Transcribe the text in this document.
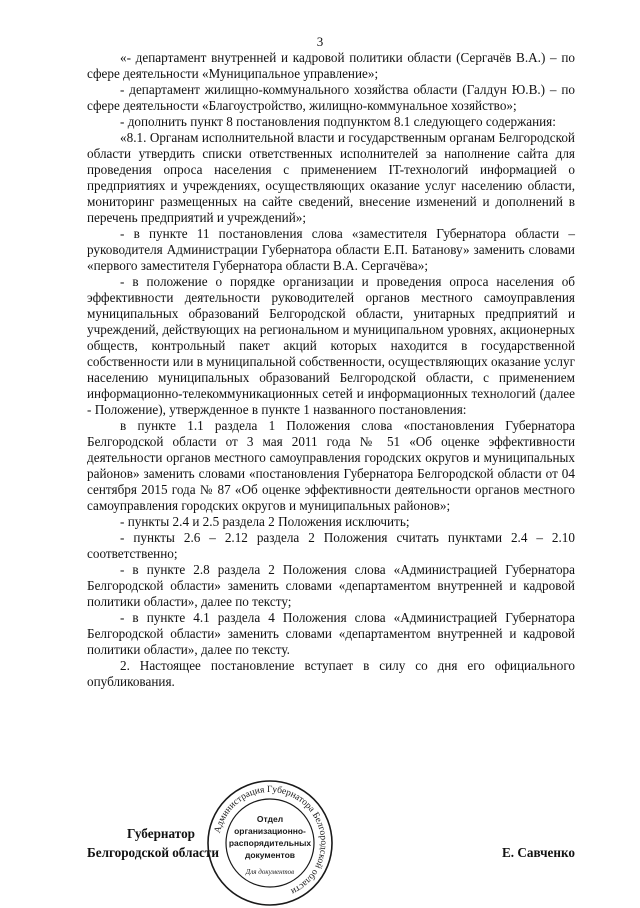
3

«- департамент внутренней и кадровой политики области (Сергачёв В.А.) – по сфере деятельности «Муниципальное управление»;

- департамент жилищно-коммунального хозяйства области (Галдун Ю.В.) – по сфере деятельности «Благоустройство, жилищно-коммунальное хозяйство»;

- дополнить пункт 8 постановления подпунктом 8.1 следующего содержания:

«8.1. Органам исполнительной власти и государственным органам Белгородской области утвердить списки ответственных исполнителей за наполнение сайта для проведения опроса населения с применением IT-технологий информацией о предприятиях и учреждениях, осуществляющих оказание услуг населению области, мониторинг размещенных на сайте сведений, внесение изменений и дополнений в перечень предприятий и учреждений»;

- в пункте 11 постановления слова «заместителя Губернатора области – руководителя Администрации Губернатора области Е.П. Батанову» заменить словами «первого заместителя Губернатора области В.А. Сергачёва»;

- в положение о порядке организации и проведения опроса населения об эффективности деятельности руководителей органов местного самоуправления муниципальных образований Белгородской области, унитарных предприятий и учреждений, действующих на региональном и муниципальном уровнях, акционерных обществ, контрольный пакет акций которых находится в государственной собственности или в муниципальной собственности, осуществляющих оказание услуг населению муниципальных образований Белгородской области, с применением информационно-телекоммуникационных сетей и информационных технологий (далее - Положение), утвержденное в пункте 1 названного постановления:

в пункте 1.1 раздела 1 Положения слова «постановления Губернатора Белгородской области от 3 мая 2011 года № 51 «Об оценке эффективности деятельности органов местного самоуправления городских округов и муниципальных районов» заменить словами «постановления Губернатора Белгородской области от 04 сентября 2015 года № 87 «Об оценке эффективности деятельности органов местного самоуправления городских округов и муниципальных районов»;

- пункты 2.4 и 2.5 раздела 2 Положения исключить;

- пункты 2.6 – 2.12 раздела 2 Положения считать пунктами 2.4 – 2.10 соответственно;

- в пункте 2.8 раздела 2 Положения слова «Администрацией Губернатора Белгородской области» заменить словами «департаментом внутренней и кадровой политики области», далее по тексту;

- в пункте 4.1 раздела 4 Положения слова «Администрацией Губернатора Белгородской области» заменить словами «департаментом внутренней и кадровой политики области», далее по тексту.

2. Настоящее постановление вступает в силу со дня его официального опубликования.

Администрация Губернатора Белгородской области
Отдел
организационно-
распорядительных
документов
Для документов
Губернатор
Белгородской области	Е. Савченко
